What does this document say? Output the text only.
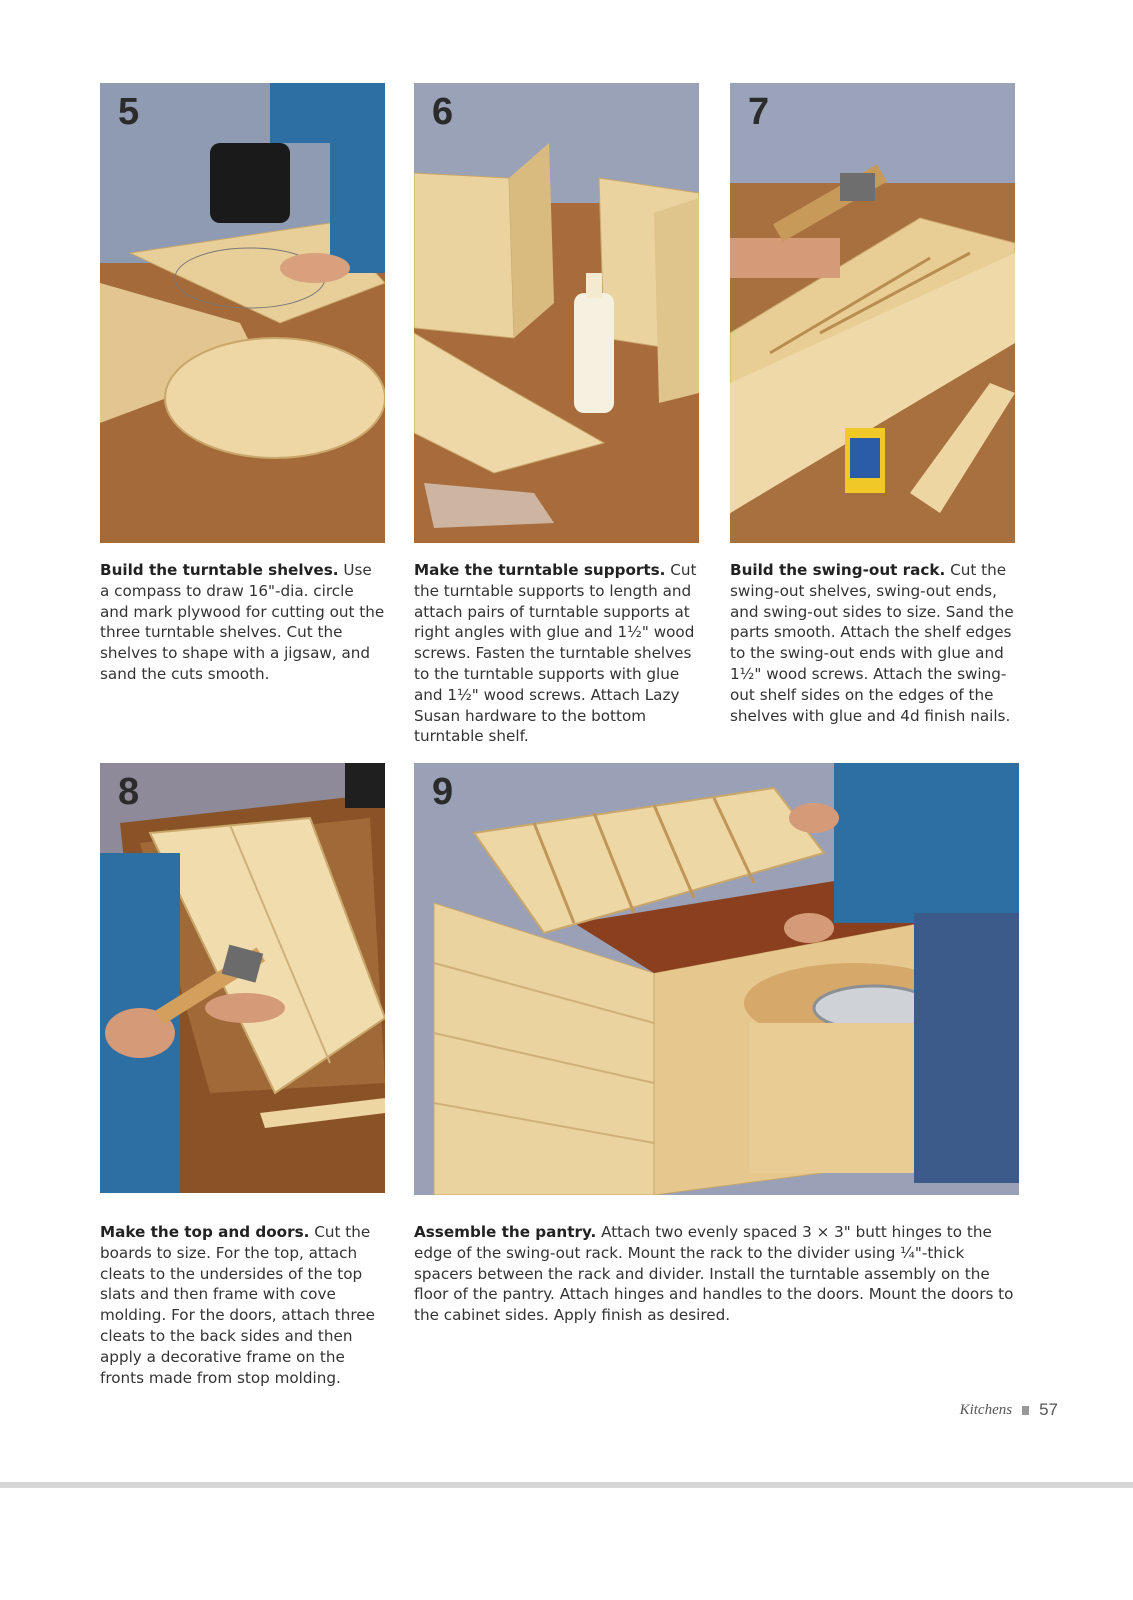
5	6	7

Build the turntable shelves. Use a compass to draw 16"-dia. circle and mark plywood for cutting out the three turntable shelves. Cut the shelves to shape with a jigsaw, and sand the cuts smooth.

Make the turntable supports. Cut the turntable supports to length and attach pairs of turntable supports at right angles with glue and 1½" wood screws. Fasten the turntable shelves to the turntable supports with glue and 1½" wood screws. Attach Lazy Susan hardware to the bottom turntable shelf.

Build the swing-out rack. Cut the swing-out shelves, swing-out ends, and swing-out sides to size. Sand the parts smooth. Attach the shelf edges to the swing-out ends with glue and 1½" wood screws. Attach the swing-out shelf sides on the edges of the shelves with glue and 4d finish nails.

8	9

Make the top and doors. Cut the boards to size. For the top, attach cleats to the undersides of the top slats and then frame with cove molding. For the doors, attach three cleats to the back sides and then apply a decorative frame on the fronts made from stop molding.

Assemble the pantry. Attach two evenly spaced 3 × 3" butt hinges to the edge of the swing-out rack. Mount the rack to the divider using ¼"-thick spacers between the rack and divider. Install the turntable assembly on the floor of the pantry. Attach hinges and handles to the doors. Mount the doors to the cabinet sides. Apply finish as desired.

Kitchens 57
